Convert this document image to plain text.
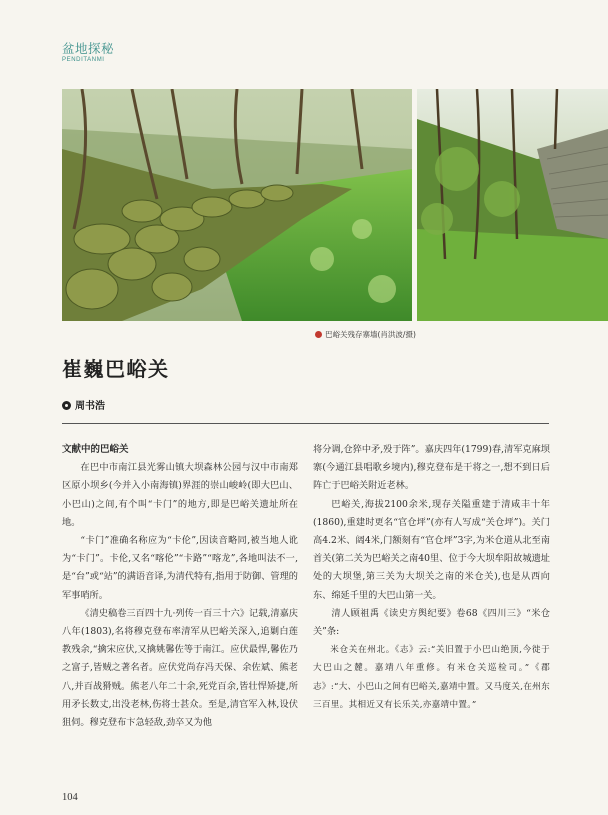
盆地探秘
PENDITANMI
巴峪关残存寨墙(肖洪波/摄)
崔巍巴峪关
周书浩
文献中的巴峪关

在巴中市南江县光雾山镇大坝森林公园与汉中市南郑区原小坝乡(今并入小南海镇)界涯的崇山峻岭(即大巴山、小巴山)之间,有个叫“卡门”的地方,即是巴峪关遗址所在地。

“卡门”准确名称应为“卡伦”,因读音略同,被当地人讹为“卡门”。卡伦,又名“喀伦”“卡路”“喀龙”,各地叫法不一,是“台”或“站”的满语音译,为清代特有,指用于防御、管理的军事哨所。

《清史稿卷三百四十九·列传一百三十六》记载,清嘉庆八年(1803),名将穆克登布率清军从巴峪关深入,追剿白莲教残余,“擒宋应伏,又擒姚馨佐等于南江。应伏最悍,馨佐乃之富子,皆贼之著名者。应伏党尚存冯天保、余佐斌、熊老八,并百战猾贼。熊老八年二十余,死党百余,皆壮悍矫捷,所用矛长数丈,出没老林,伤将士甚众。至是,清官军入林,设伏狙伺。穆克登布卞急轻敌,劲卒又为他

将分调,仓猝中矛,殁于阵”。嘉庆四年(1799)春,清军克麻坝寨(今通江县唱歌乡境内),穆克登布是干将之一,想不到日后阵亡于巴峪关附近老林。

巴峪关,海拔2100余米,现存关隘重建于清咸丰十年(1860),重建时更名“官仓坪”(亦有人写成“关仓坪”)。关门高4.2米、阔4米,门额刻有“官仓坪”3字,为米仓道从北至南首关(第二关为巴峪关之南40里、位于今大坝牟阳故城遗址处的大坝堡,第三关为大坝关之南的米仓关),也是从西向东、绵延千里的大巴山第一关。

清人顾祖禹《读史方舆纪要》卷68《四川三》“米仓关”条:

米仓关在州北。《志》云:“关旧置于小巴山绝顶,今徙于大巴山之麓。嘉靖八年重修。有米仓关巡检司。”《郡志》:“大、小巴山之间有巴峪关,嘉靖中置。又马度关,在州东三百里。其相近又有长乐关,亦嘉靖中置。”

104
